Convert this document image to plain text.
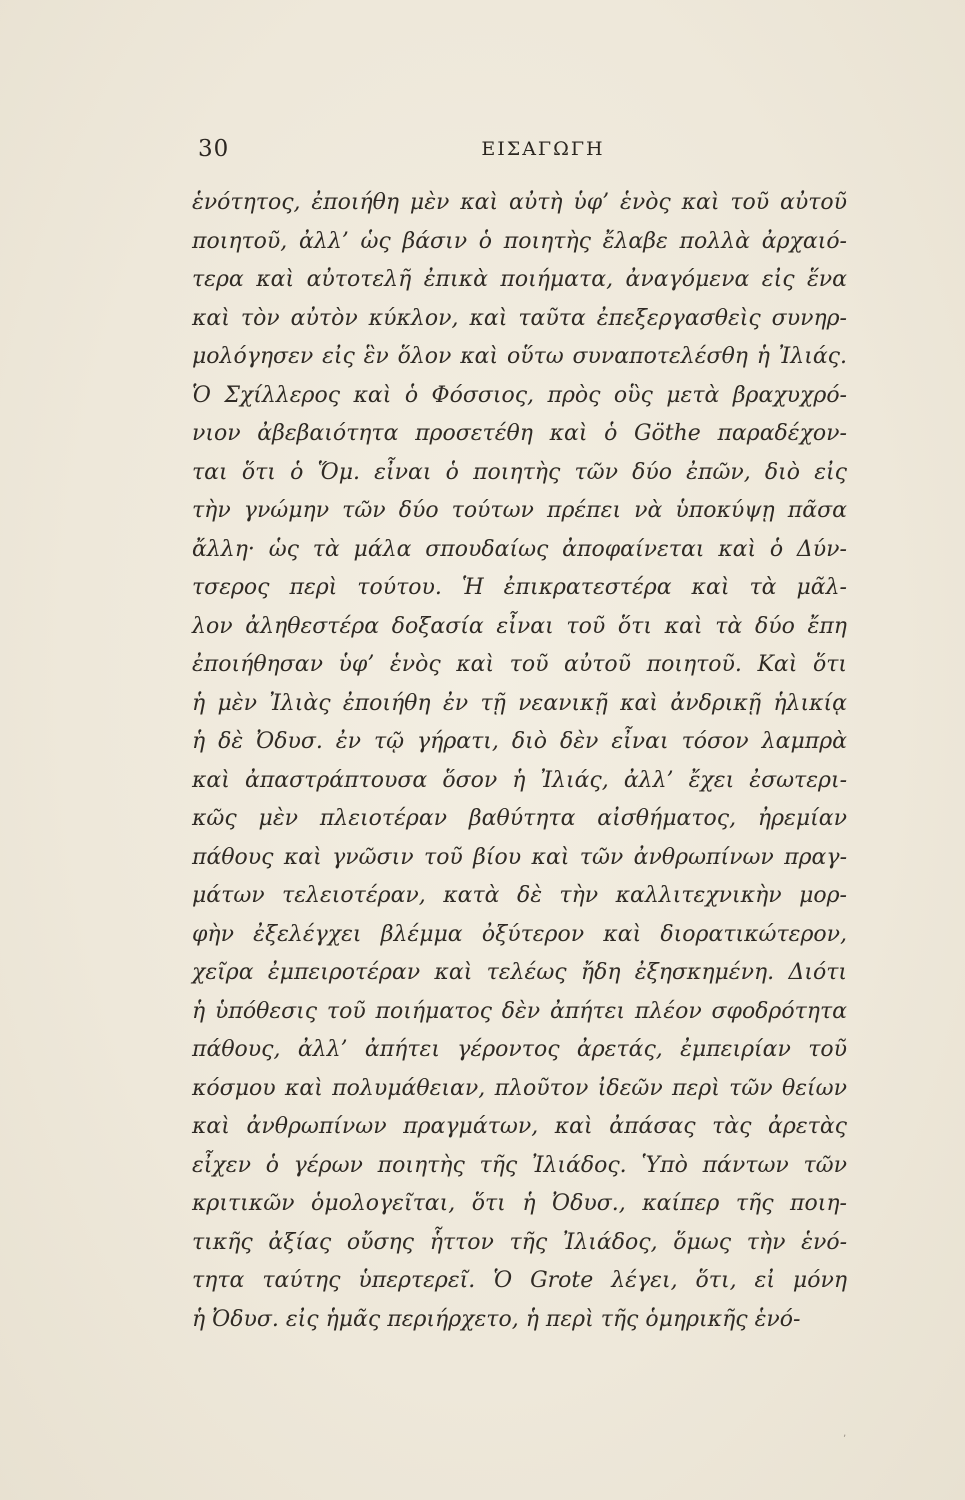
30	ΕΙΣΑΓΩΓΗ
ἑνότητος, ἐποιήθη μὲν καὶ αὐτὴ ὑφ’ ἑνὸς καὶ τοῦ αὐτοῦ
ποιητοῦ, ἀλλ’ ὡς βάσιν ὁ ποιητὴς ἔλαβε πολλὰ ἀρχαιό-
τερα καὶ αὐτοτελῆ ἐπικὰ ποιήματα, ἀναγόμενα εἰς ἕνα
καὶ τὸν αὐτὸν κύκλον, καὶ ταῦτα ἐπεξεργασθεὶς συνηρ-
μολόγησεν εἰς ἓν ὅλον καὶ οὕτω συναποτελέσθη ἡ Ἰλιάς.
Ὁ Σχίλλερος καὶ ὁ Φόσσιος, πρὸς οὓς μετὰ βραχυχρό-
νιον ἀβεβαιότητα προσετέθη καὶ ὁ Göthe παραδέχον-
ται ὅτι ὁ Ὅμ. εἶναι ὁ ποιητὴς τῶν δύο ἐπῶν, διὸ εἰς
τὴν γνώμην τῶν δύο τούτων πρέπει νὰ ὑποκύψῃ πᾶσα
ἄλλη· ὡς τὰ μάλα σπουδαίως ἀποφαίνεται καὶ ὁ Δύν-
τσερος περὶ τούτου. Ἡ ἐπικρατεστέρα καὶ τὰ μᾶλ-
λον ἀληθεστέρα δοξασία εἶναι τοῦ ὅτι καὶ τὰ δύο ἔπη
ἐποιήθησαν ὑφ’ ἑνὸς καὶ τοῦ αὐτοῦ ποιητοῦ. Καὶ ὅτι
ἡ μὲν Ἰλιὰς ἐποιήθη ἐν τῇ νεανικῇ καὶ ἀνδρικῇ ἡλικίᾳ
ἡ δὲ Ὀδυσ. ἐν τῷ γήρατι, διὸ δὲν εἶναι τόσον λαμπρὰ
καὶ ἀπαστράπτουσα ὅσον ἡ Ἰλιάς, ἀλλ’ ἔχει ἐσωτερι-
κῶς μὲν πλειοτέραν βαθύτητα αἰσθήματος, ἠρεμίαν
πάθους καὶ γνῶσιν τοῦ βίου καὶ τῶν ἀνθρωπίνων πραγ-
μάτων τελειοτέραν, κατὰ δὲ τὴν καλλιτεχνικὴν μορ-
φὴν ἐξελέγχει βλέμμα ὀξύτερον καὶ διορατικώτερον,
χεῖρα ἐμπειροτέραν καὶ τελέως ἤδη ἐξησκημένη. Διότι
ἡ ὑπόθεσις τοῦ ποιήματος δὲν ἀπήτει πλέον σφοδρότητα
πάθους, ἀλλ’ ἀπήτει γέροντος ἀρετάς, ἐμπειρίαν τοῦ
κόσμου καὶ πολυμάθειαν, πλοῦτον ἰδεῶν περὶ τῶν θείων
καὶ ἀνθρωπίνων πραγμάτων, καὶ ἀπάσας τὰς ἀρετὰς
εἶχεν ὁ γέρων ποιητὴς τῆς Ἰλιάδος. Ὑπὸ πάντων τῶν
κριτικῶν ὁμολογεῖται, ὅτι ἡ Ὀδυσ., καίπερ τῆς ποιη-
τικῆς ἀξίας οὔσης ἧττον τῆς Ἰλιάδος, ὅμως τὴν ἑνό-
τητα ταύτης ὑπερτερεῖ. Ὁ Grote λέγει, ὅτι, εἰ μόνη
ἡ Ὀδυσ. εἰς ἡμᾶς περιήρχετο, ἡ περὶ τῆς ὁμηρικῆς ἑνό-
‚
